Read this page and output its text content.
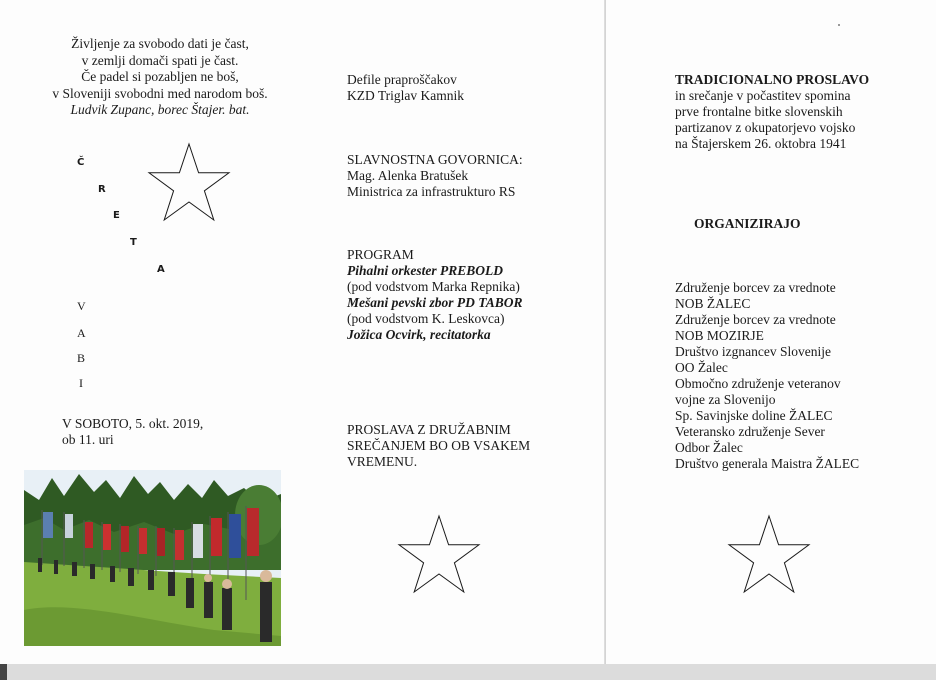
Življenje za svobodo dati je čast,
v zemlji domači spati je čast.
Če padel si pozabljen ne boš,
v Sloveniji svobodni med narodom boš.
Ludvik Zupanc, borec Štajer. bat.
Č
R
E
T
A
V
A
B
I
V SOBOTO, 5. okt. 2019,
ob 11. uri
Defile praproščakov
KZD Triglav Kamnik
SLAVNOSTNA GOVORNICA:
Mag. Alenka Bratušek
Ministrica za infrastrukturo RS
PROGRAM
Pihalni orkester PREBOLD
(pod vodstvom Marka Repnika)
Mešani pevski zbor PD TABOR
(pod vodstvom K. Leskovca)
Jožica Ocvirk, recitatorka
PROSLAVA Z DRUŽABNIM
SREČANJEM BO OB VSAKEM
VREMENU.
TRADICIONALNO PROSLAVO
in srečanje v počastitev spomina
prve frontalne bitke slovenskih
partizanov z okupatorjevo vojsko
na Štajerskem 26. oktobra 1941
ORGANIZIRAJO
Združenje borcev za vrednote
NOB ŽALEC
Združenje borcev za vrednote
NOB MOZIRJE
Društvo izgnancev Slovenije
OO Žalec
Območno združenje veteranov
vojne za Slovenijo
Sp. Savinjske doline ŽALEC
Veteransko združenje Sever
Odbor Žalec
Društvo generala Maistra ŽALEC
